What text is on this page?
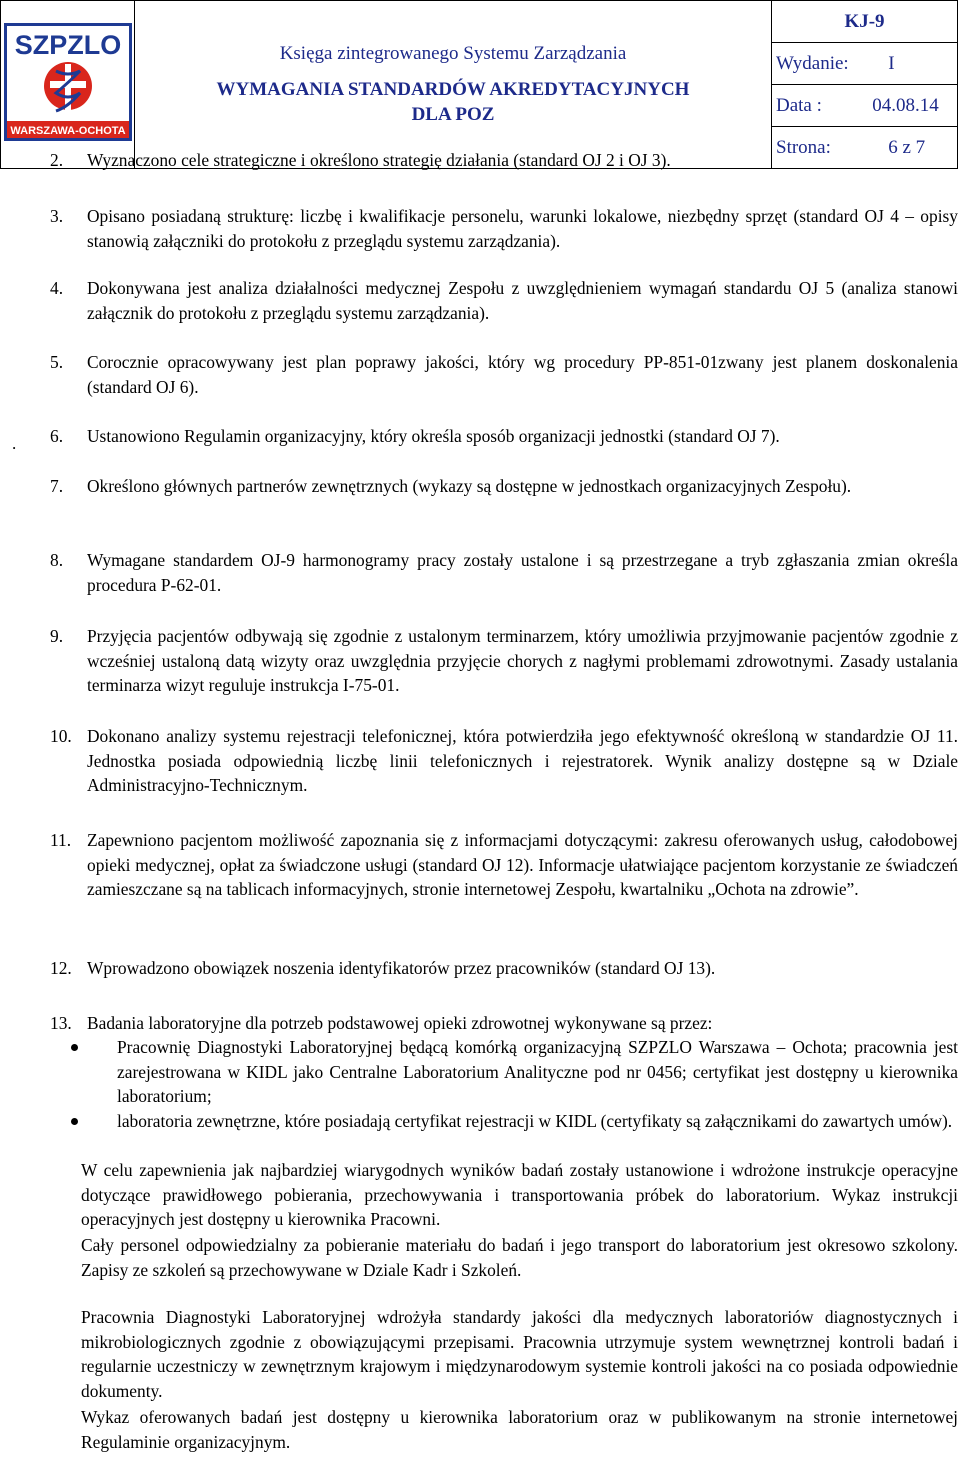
SZPZLO
WARSZAWA-OCHOTA

Księga zintegrowanego Systemu Zarządzania
WYMAGANIA STANDARDÓW AKREDYTACYJNYCH
DLA POZ

KJ-9
Wydanie:	I
Data :	04.08.14
Strona:	6 z 7
.
2. Wyznaczono cele strategiczne i określono strategię działania (standard OJ 2 i OJ 3).
3. Opisano posiadaną strukturę: liczbę i kwalifikacje personelu, warunki lokalowe, niezbędny sprzęt (standard OJ 4 – opisy stanowią załączniki do protokołu z przeglądu systemu zarządzania).
4. Dokonywana jest analiza działalności medycznej Zespołu z uwzględnieniem wymagań standardu OJ 5 (analiza stanowi załącznik do protokołu z przeglądu systemu zarządzania).
5. Corocznie opracowywany jest plan poprawy jakości, który wg procedury PP-851-01zwany jest planem doskonalenia (standard OJ 6).
6. Ustanowiono Regulamin organizacyjny, który określa sposób organizacji jednostki (standard OJ 7).
7. Określono głównych partnerów zewnętrznych (wykazy są dostępne w jednostkach organizacyjnych Zespołu).
8. Wymagane standardem OJ-9 harmonogramy pracy zostały ustalone i są przestrzegane a tryb zgłaszania zmian określa procedura P-62-01.
9. Przyjęcia pacjentów odbywają się zgodnie z ustalonym terminarzem, który umożliwia przyjmowanie pacjentów zgodnie z wcześniej ustaloną datą wizyty oraz uwzględnia przyjęcie chorych z nagłymi problemami zdrowotnymi. Zasady ustalania terminarza wizyt reguluje instrukcja I-75-01.
10. Dokonano analizy systemu rejestracji telefonicznej, która potwierdziła jego efektywność określoną w standardzie OJ 11. Jednostka posiada odpowiednią liczbę linii telefonicznych i rejestratorek. Wynik analizy dostępne są w Dziale Administracyjno-Technicznym.
11. Zapewniono pacjentom możliwość zapoznania się z informacjami dotyczącymi: zakresu oferowanych usług, całodobowej opieki medycznej, opłat za świadczone usługi (standard OJ 12). Informacje ułatwiające pacjentom korzystanie ze świadczeń zamieszczane są na tablicach informacyjnych, stronie internetowej Zespołu, kwartalniku „Ochota na zdrowie”.
12. Wprowadzono obowiązek noszenia identyfikatorów przez pracowników (standard OJ 13).
13. Badania laboratoryjne dla potrzeb podstawowej opieki zdrowotnej wykonywane są przez:
Pracownię Diagnostyki Laboratoryjnej będącą komórką organizacyjną SZPZLO Warszawa – Ochota; pracownia jest zarejestrowana w KIDL jako Centralne Laboratorium Analityczne pod nr 0456; certyfikat jest dostępny u kierownika laboratorium;
laboratoria zewnętrzne, które posiadają certyfikat rejestracji w KIDL (certyfikaty są załącznikami do zawartych umów).
W celu zapewnienia jak najbardziej wiarygodnych wyników badań zostały ustanowione i wdrożone instrukcje operacyjne dotyczące prawidłowego pobierania, przechowywania i transportowania próbek do laboratorium. Wykaz instrukcji operacyjnych jest dostępny u kierownika Pracowni.
Cały personel odpowiedzialny za pobieranie materiału do badań i jego transport do laboratorium jest okresowo szkolony. Zapisy ze szkoleń są przechowywane w Dziale Kadr i Szkoleń.
Pracownia Diagnostyki Laboratoryjnej wdrożyła standardy jakości dla medycznych laboratoriów diagnostycznych i mikrobiologicznych zgodnie z obowiązującymi przepisami. Pracownia utrzymuje system wewnętrznej kontroli badań i regularnie uczestniczy w zewnętrznym krajowym i międzynarodowym systemie kontroli jakości na co posiada odpowiednie dokumenty.
Wykaz oferowanych badań jest dostępny u kierownika laboratorium oraz w publikowanym na stronie internetowej Regulaminie organizacyjnym.
